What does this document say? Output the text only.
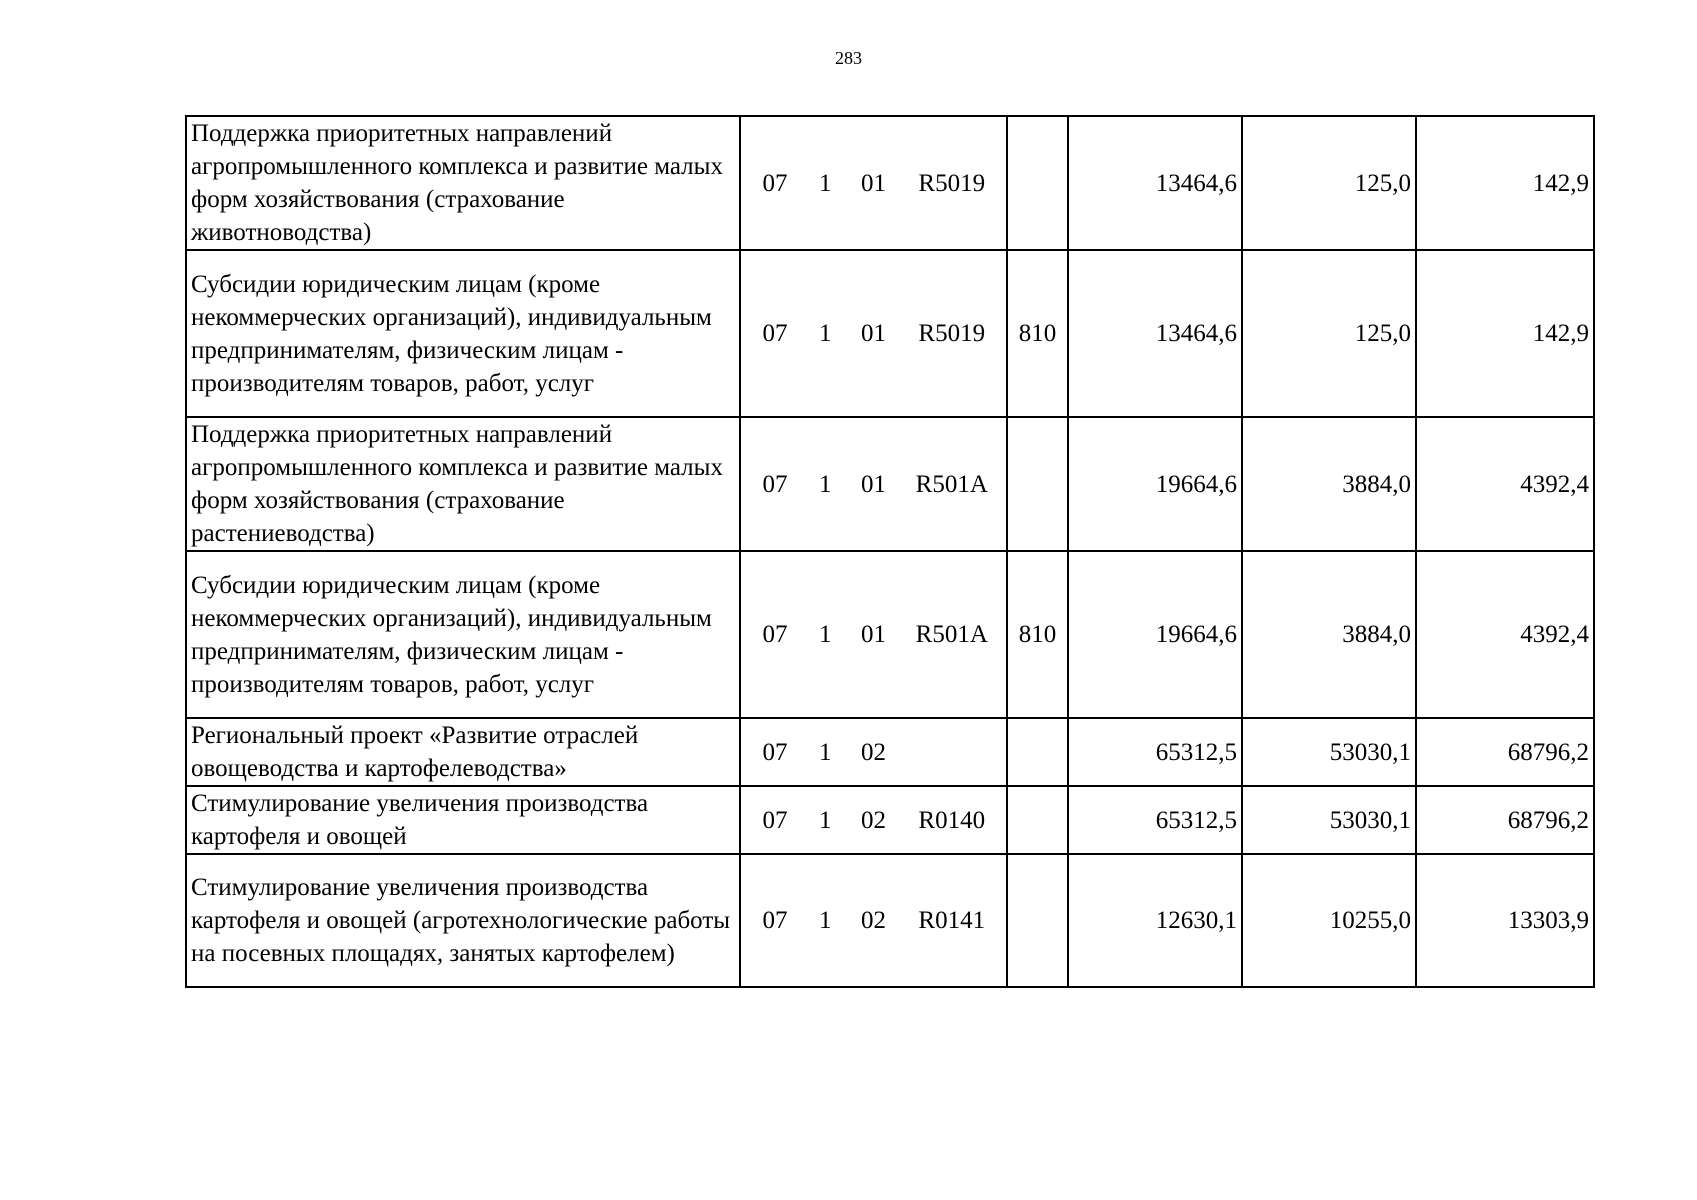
283
Поддержка приоритетных направлений агропромышленного комплекса и развитие малых форм хозяйствования (страхование животноводства)	07 1 01 R5019		13464,6	125,0	142,9
Субсидии юридическим лицам (кроме некоммерческих организаций), индивидуальным предпринимателям, физическим лицам - производителям товаров, работ, услуг	07 1 01 R5019	810	13464,6	125,0	142,9
Поддержка приоритетных направлений агропромышленного комплекса и развитие малых форм хозяйствования (страхование растениеводства)	07 1 01 R501A		19664,6	3884,0	4392,4
Субсидии юридическим лицам (кроме некоммерческих организаций), индивидуальным предпринимателям, физическим лицам - производителям товаров, работ, услуг	07 1 01 R501A	810	19664,6	3884,0	4392,4
Региональный проект «Развитие отраслей овощеводства и картофелеводства»	07 1 02		65312,5	53030,1	68796,2
Стимулирование увеличения производства картофеля и овощей	07 1 02 R0140		65312,5	53030,1	68796,2
Стимулирование увеличения производства картофеля и овощей (агротехнологические работы на посевных площадях, занятых картофелем)	07 1 02 R0141		12630,1	10255,0	13303,9
